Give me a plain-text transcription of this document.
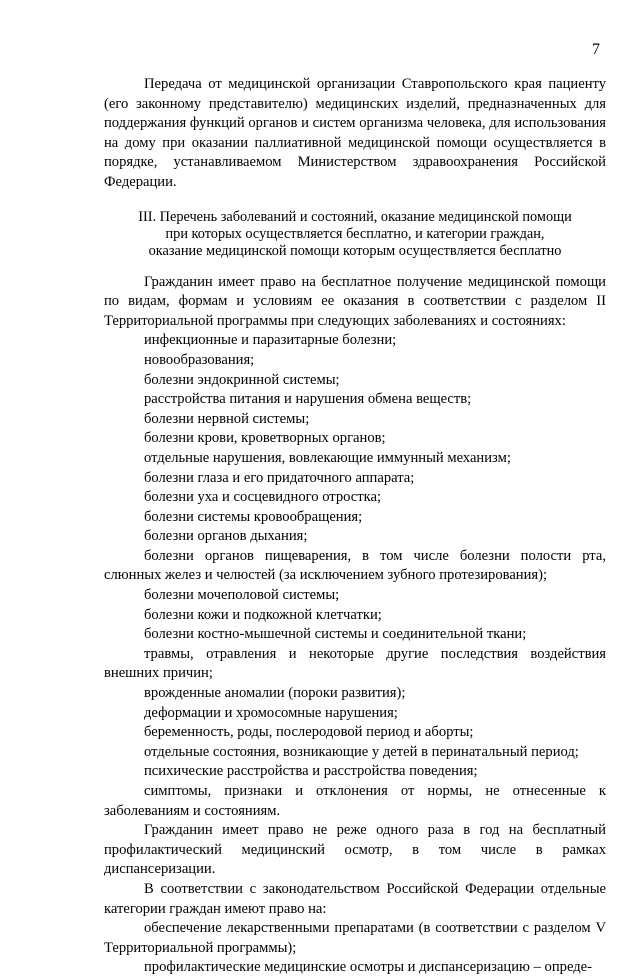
7

Передача от медицинской организации Ставропольского края пациенту (его законному представителю) медицинских изделий, предназначенных для поддержания функций органов и систем организма человека, для использования на дому при оказании паллиативной медицинской помощи осуществляется в порядке, устанавливаемом Министерством здравоохранения Российской Федерации.

III. Перечень заболеваний и состояний, оказание медицинской помощи
при которых осуществляется бесплатно, и категории граждан,
оказание медицинской помощи которым осуществляется бесплатно

Гражданин имеет право на бесплатное получение медицинской помощи по видам, формам и условиям ее оказания в соответствии с разделом II Территориальной программы при следующих заболеваниях и состояниях:

инфекционные и паразитарные болезни;

новообразования;

болезни эндокринной системы;

расстройства питания и нарушения обмена веществ;

болезни нервной системы;

болезни крови, кроветворных органов;

отдельные нарушения, вовлекающие иммунный механизм;

болезни глаза и его придаточного аппарата;

болезни уха и сосцевидного отростка;

болезни системы кровообращения;

болезни органов дыхания;

болезни органов пищеварения, в том числе болезни полости рта, слюнных желез и челюстей (за исключением зубного протезирования);

болезни мочеполовой системы;

болезни кожи и подкожной клетчатки;

болезни костно-мышечной системы и соединительной ткани;

травмы, отравления и некоторые другие последствия воздействия внешних причин;

врожденные аномалии (пороки развития);

деформации и хромосомные нарушения;

беременность, роды, послеродовой период и аборты;

отдельные состояния, возникающие у детей в перинатальный период;

психические расстройства и расстройства поведения;

симптомы, признаки и отклонения от нормы, не отнесенные к заболеваниям и состояниям.

Гражданин имеет право не реже одного раза в год на бесплатный профилактический медицинский осмотр, в том числе в рамках диспансеризации.

В соответствии с законодательством Российской Федерации отдельные категории граждан имеют право на:

обеспечение лекарственными препаратами (в соответствии с разделом V Территориальной программы);

профилактические медицинские осмотры и диспансеризацию – опреде-
